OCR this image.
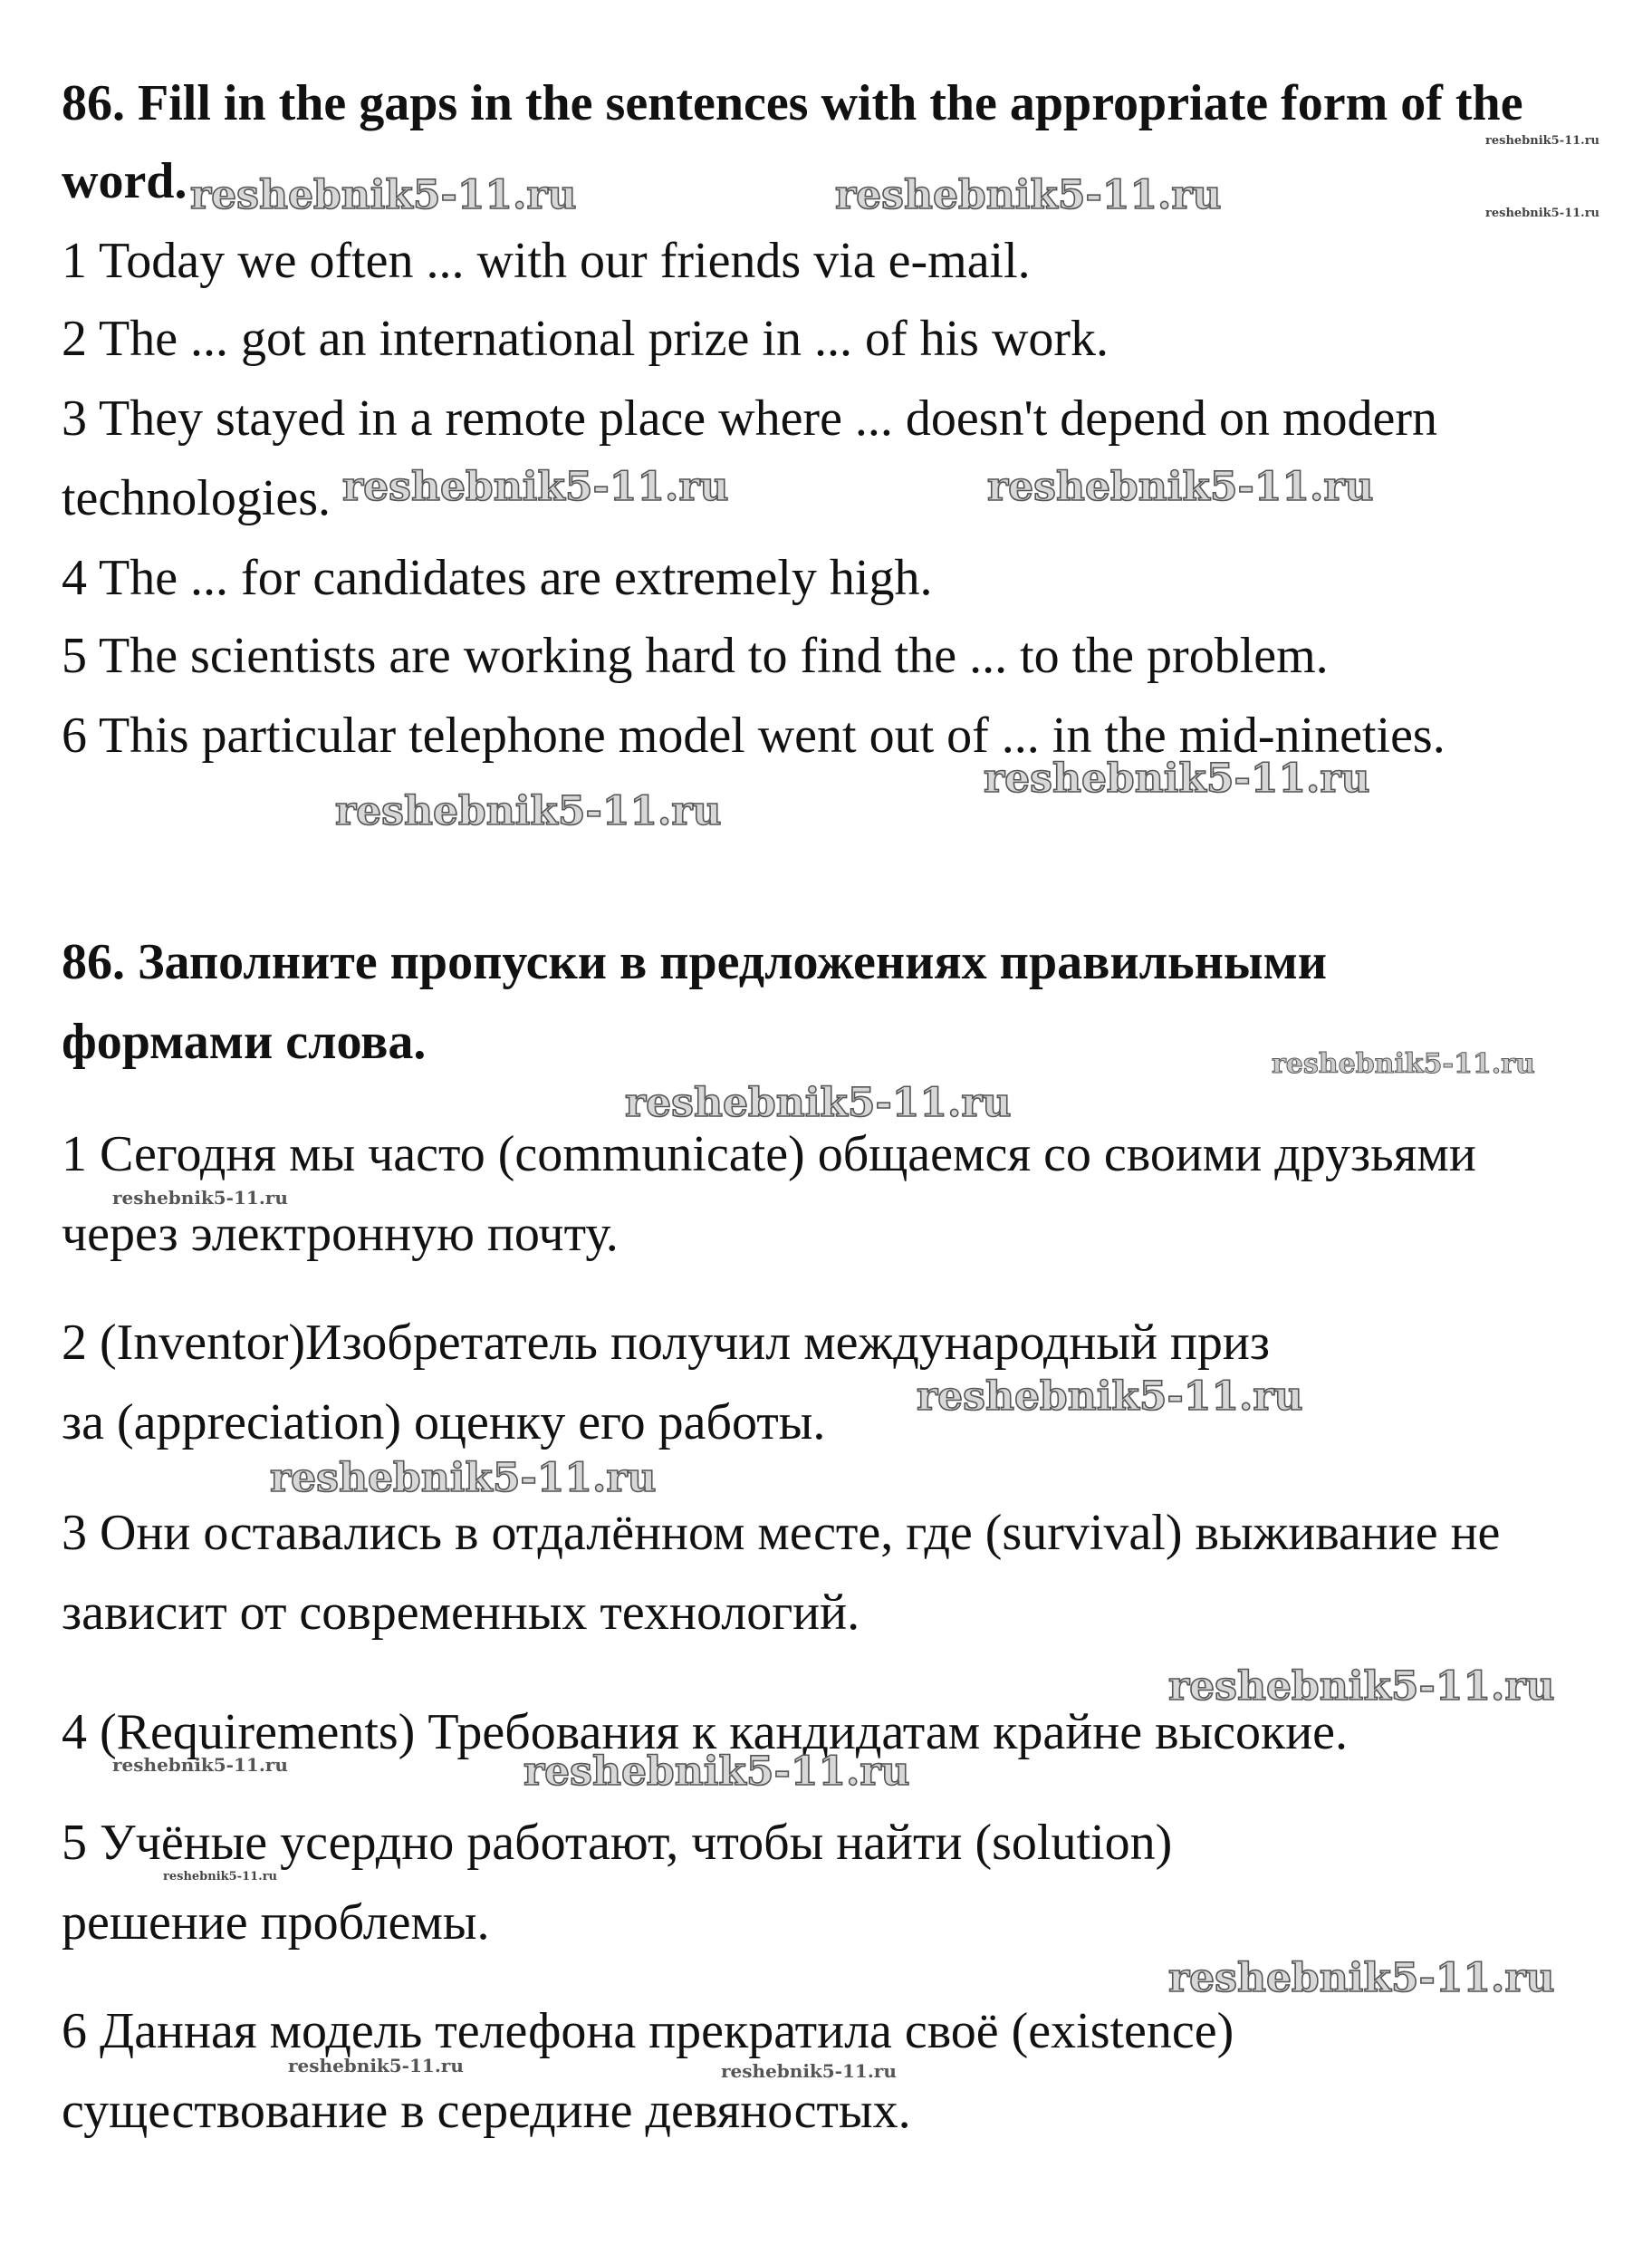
86. Fill in the gaps in the sentences with the appropriate form of the
word.
1 Today we often ... with our friends via e-mail.
2 The ... got an international prize in ... of his work.
3 They stayed in a remote place where ... doesn't depend on modern
technologies.
4 The ... for candidates are extremely high.
5 The scientists are working hard to find the ... to the problem.
6 This particular telephone model went out of ... in the mid-nineties.
86. Заполните пропуски в предложениях правильными
формами слова.
1 Сегодня мы часто (communicate) общаемся со своими друзьями
через электронную почту.
2 (Inventor)Изобретатель получил международный приз
за (appreciation) оценку его работы.
3 Они оставались в отдалённом месте, где (survival) выживание не
зависит от современных технологий.
4 (Requirements) Требования к кандидатам крайне высокие.
5 Учёные усердно работают, чтобы найти (solution)
решение проблемы.
6 Данная модель телефона прекратила своё (existence)
существование в середине девяностых.
reshebnik5-11.ru	reshebnik5-11.ru
reshebnik5-11.ru
reshebnik5-11.ru
reshebnik5-11.ru	reshebnik5-11.ru
reshebnik5-11.ru
reshebnik5-11.ru
reshebnik5-11.ru
reshebnik5-11.ru
reshebnik5-11.ru
reshebnik5-11.ru
reshebnik5-11.ru
reshebnik5-11.ru
reshebnik5-11.ru
reshebnik5-11.ru
reshebnik5-11.ru
reshebnik5-11.ru
reshebnik5-11.ru	reshebnik5-11.ru
